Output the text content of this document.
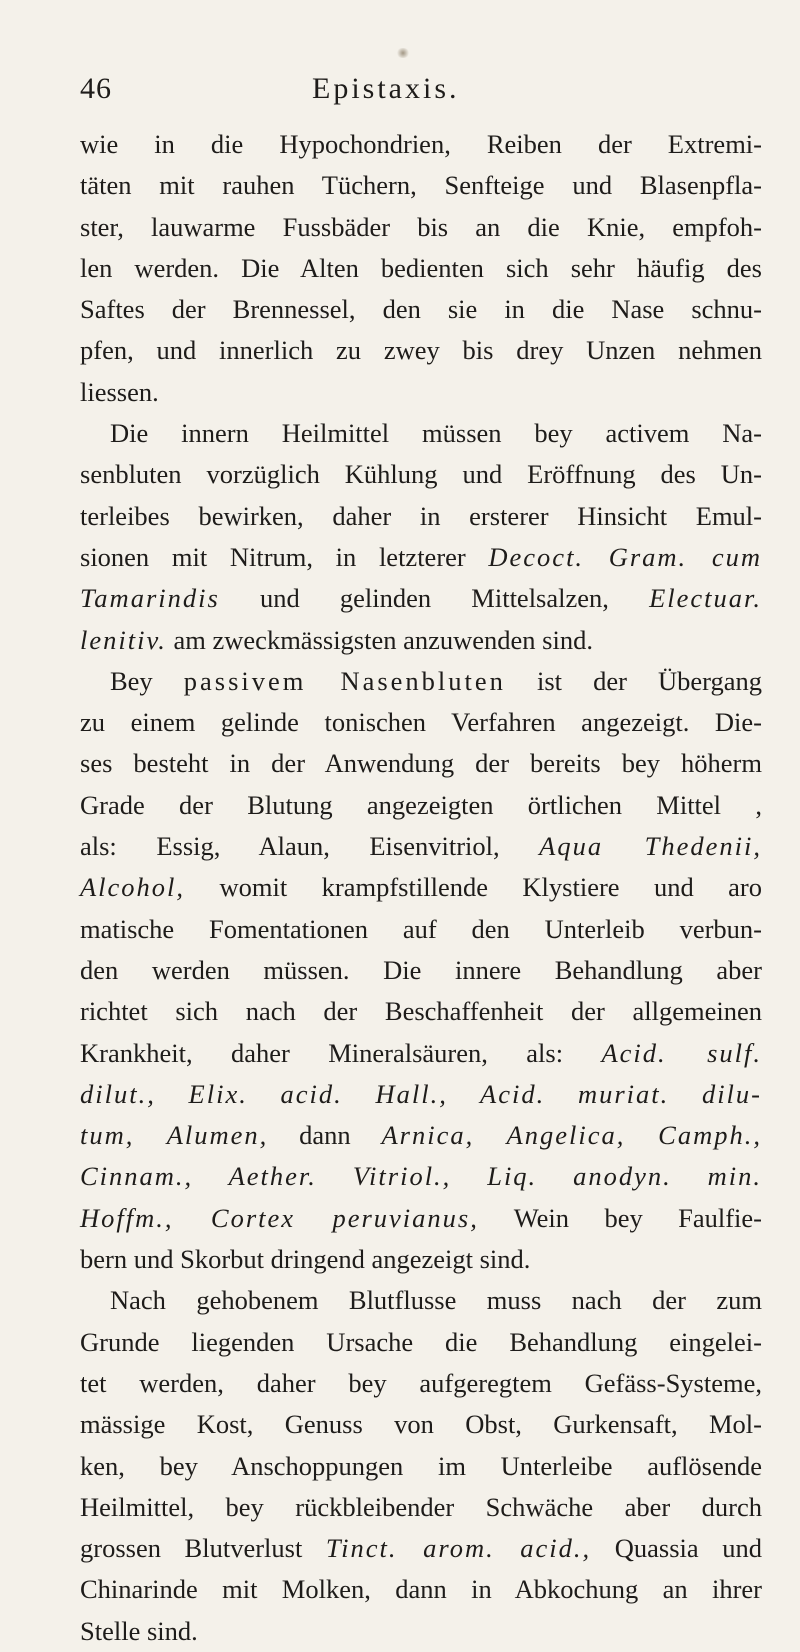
46	Epistaxis.
wie in die Hypochondrien, Reiben der Extremi-
täten mit rauhen Tüchern, Senfteige und Blasenpfla-
ster, lauwarme Fussbäder bis an die Knie, empfoh-
len werden. Die Alten bedienten sich sehr häufig des
Saftes der Brennessel, den sie in die Nase schnu-
pfen, und innerlich zu zwey bis drey Unzen nehmen
liessen.
Die innern Heilmittel müssen bey activem Na-
senbluten vorzüglich Kühlung und Eröffnung des Un-
terleibes bewirken, daher in ersterer Hinsicht Emul-
sionen mit Nitrum, in letzterer Decoct. Gram. cum
Tamarindis und gelinden Mittelsalzen, Electuar.
lenitiv. am zweckmässigsten anzuwenden sind.
Bey passivem Nasenbluten ist der Übergang
zu einem gelinde tonischen Verfahren angezeigt. Die-
ses besteht in der Anwendung der bereits bey höherm
Grade der Blutung angezeigten örtlichen Mittel ,
als: Essig, Alaun, Eisenvitriol, Aqua Thedenii,
Alcohol, womit krampfstillende Klystiere und aro
matische Fomentationen auf den Unterleib verbun-
den werden müssen. Die innere Behandlung aber
richtet sich nach der Beschaffenheit der allgemeinen
Krankheit, daher Mineralsäuren, als: Acid. sulf.
dilut., Elix. acid. Hall., Acid. muriat. dilu-
tum, Alumen, dann Arnica, Angelica, Camph.,
Cinnam., Aether. Vitriol., Liq. anodyn. min.
Hoffm., Cortex peruvianus, Wein bey Faulfie-
bern und Skorbut dringend angezeigt sind.
Nach gehobenem Blutflusse muss nach der zum
Grunde liegenden Ursache die Behandlung eingelei-
tet werden, daher bey aufgeregtem Gefäss-Systeme,
mässige Kost, Genuss von Obst, Gurkensaft, Mol-
ken, bey Anschoppungen im Unterleibe auflösende
Heilmittel, bey rückbleibender Schwäche aber durch
grossen Blutverlust Tinct. arom. acid., Quassia und
Chinarinde mit Molken, dann in Abkochung an ihrer
Stelle sind.
